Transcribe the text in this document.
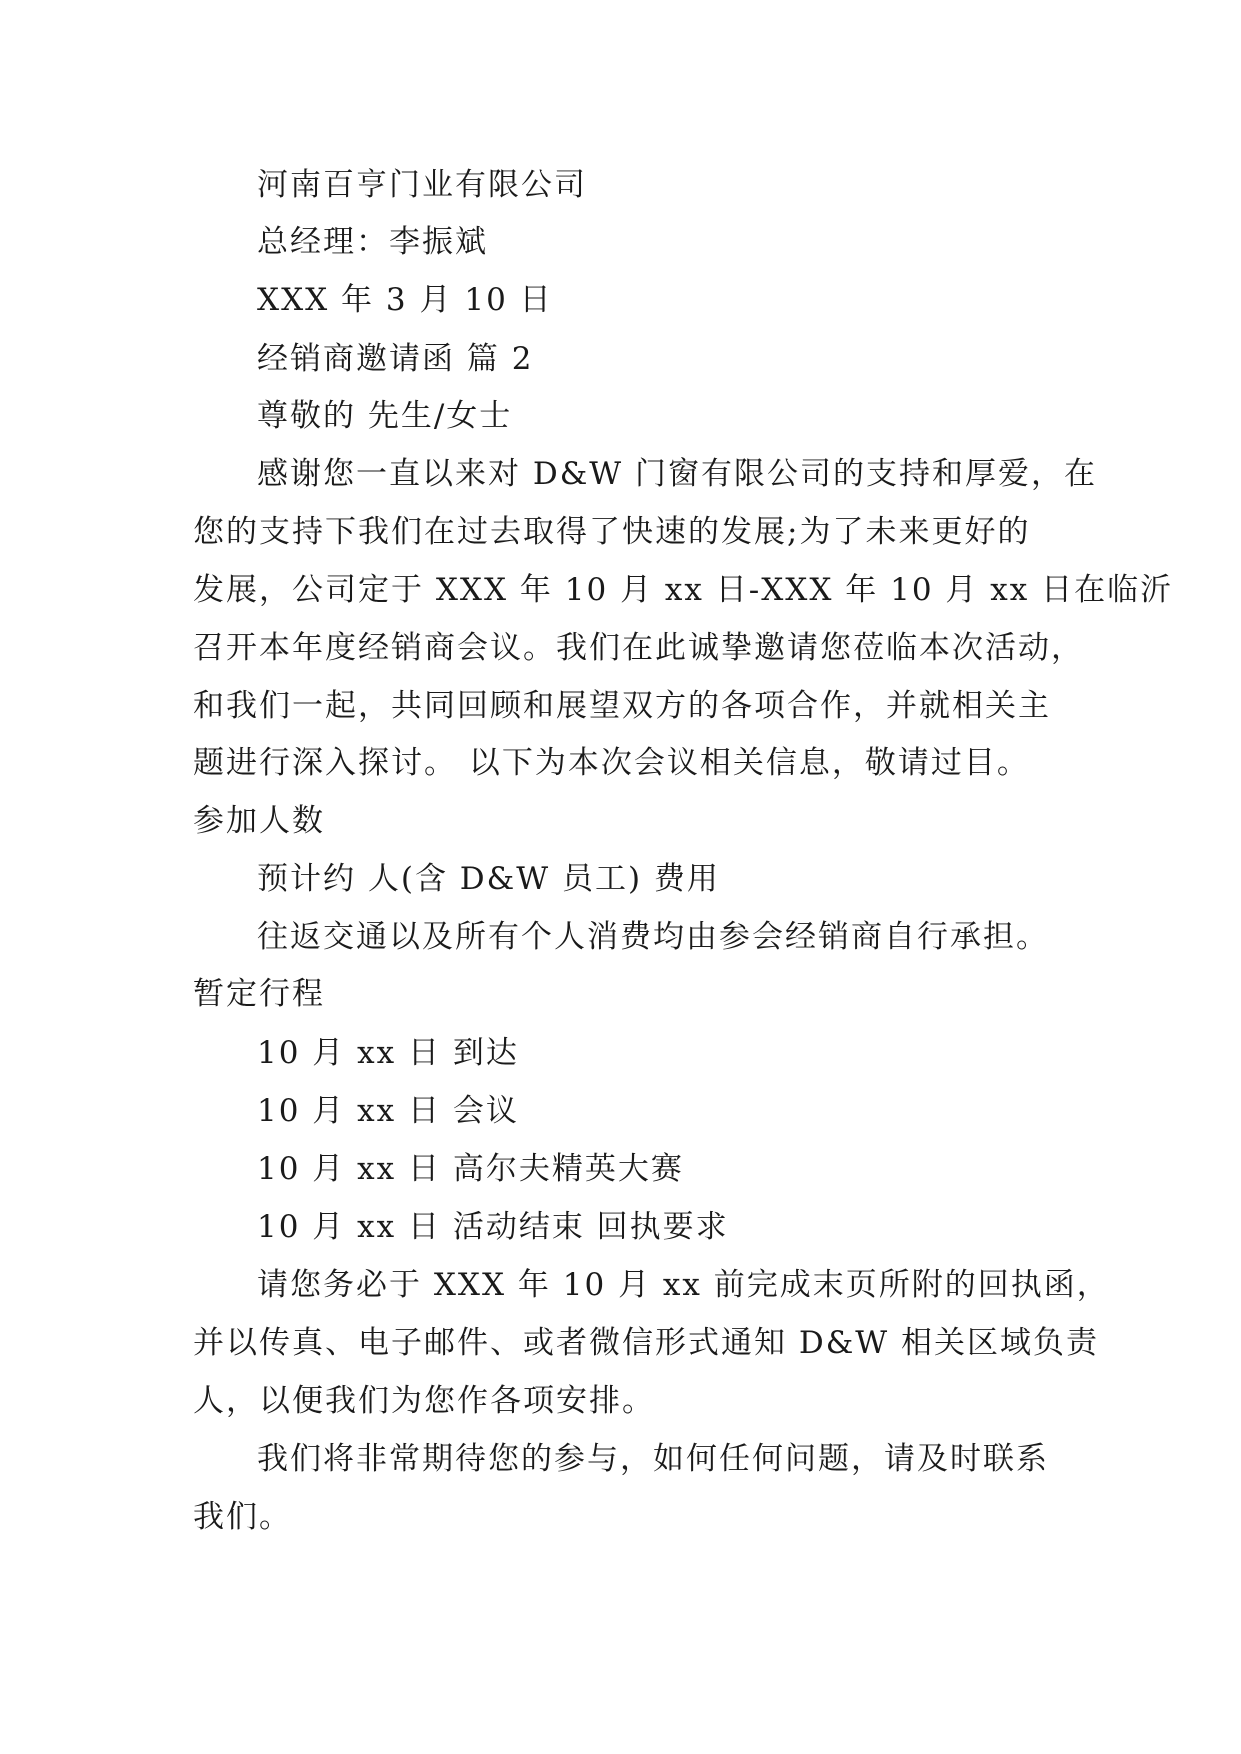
河南百亨门业有限公司
总经理：李振斌
XXX 年 3 月 10 日
经销商邀请函 篇 2
尊敬的 先生/女士
感谢您一直以来对 D&W 门窗有限公司的支持和厚爱，在
您的支持下我们在过去取得了快速的发展;为了未来更好的
发展，公司定于 XXX 年 10 月 xx 日-XXX 年 10 月 xx 日在临沂
召开本年度经销商会议。我们在此诚挚邀请您莅临本次活动，
和我们一起，共同回顾和展望双方的各项合作，并就相关主
题进行深入探讨。 以下为本次会议相关信息，敬请过目。
参加人数
预计约 人(含 D&W 员工) 费用
往返交通以及所有个人消费均由参会经销商自行承担。
暂定行程
10 月 xx 日 到达
10 月 xx 日 会议
10 月 xx 日 高尔夫精英大赛
10 月 xx 日 活动结束 回执要求
请您务必于 XXX 年 10 月 xx 前完成末页所附的回执函，
并以传真、电子邮件、或者微信形式通知 D&W 相关区域负责
人，以便我们为您作各项安排。
我们将非常期待您的参与，如何任何问题，请及时联系
我们。
